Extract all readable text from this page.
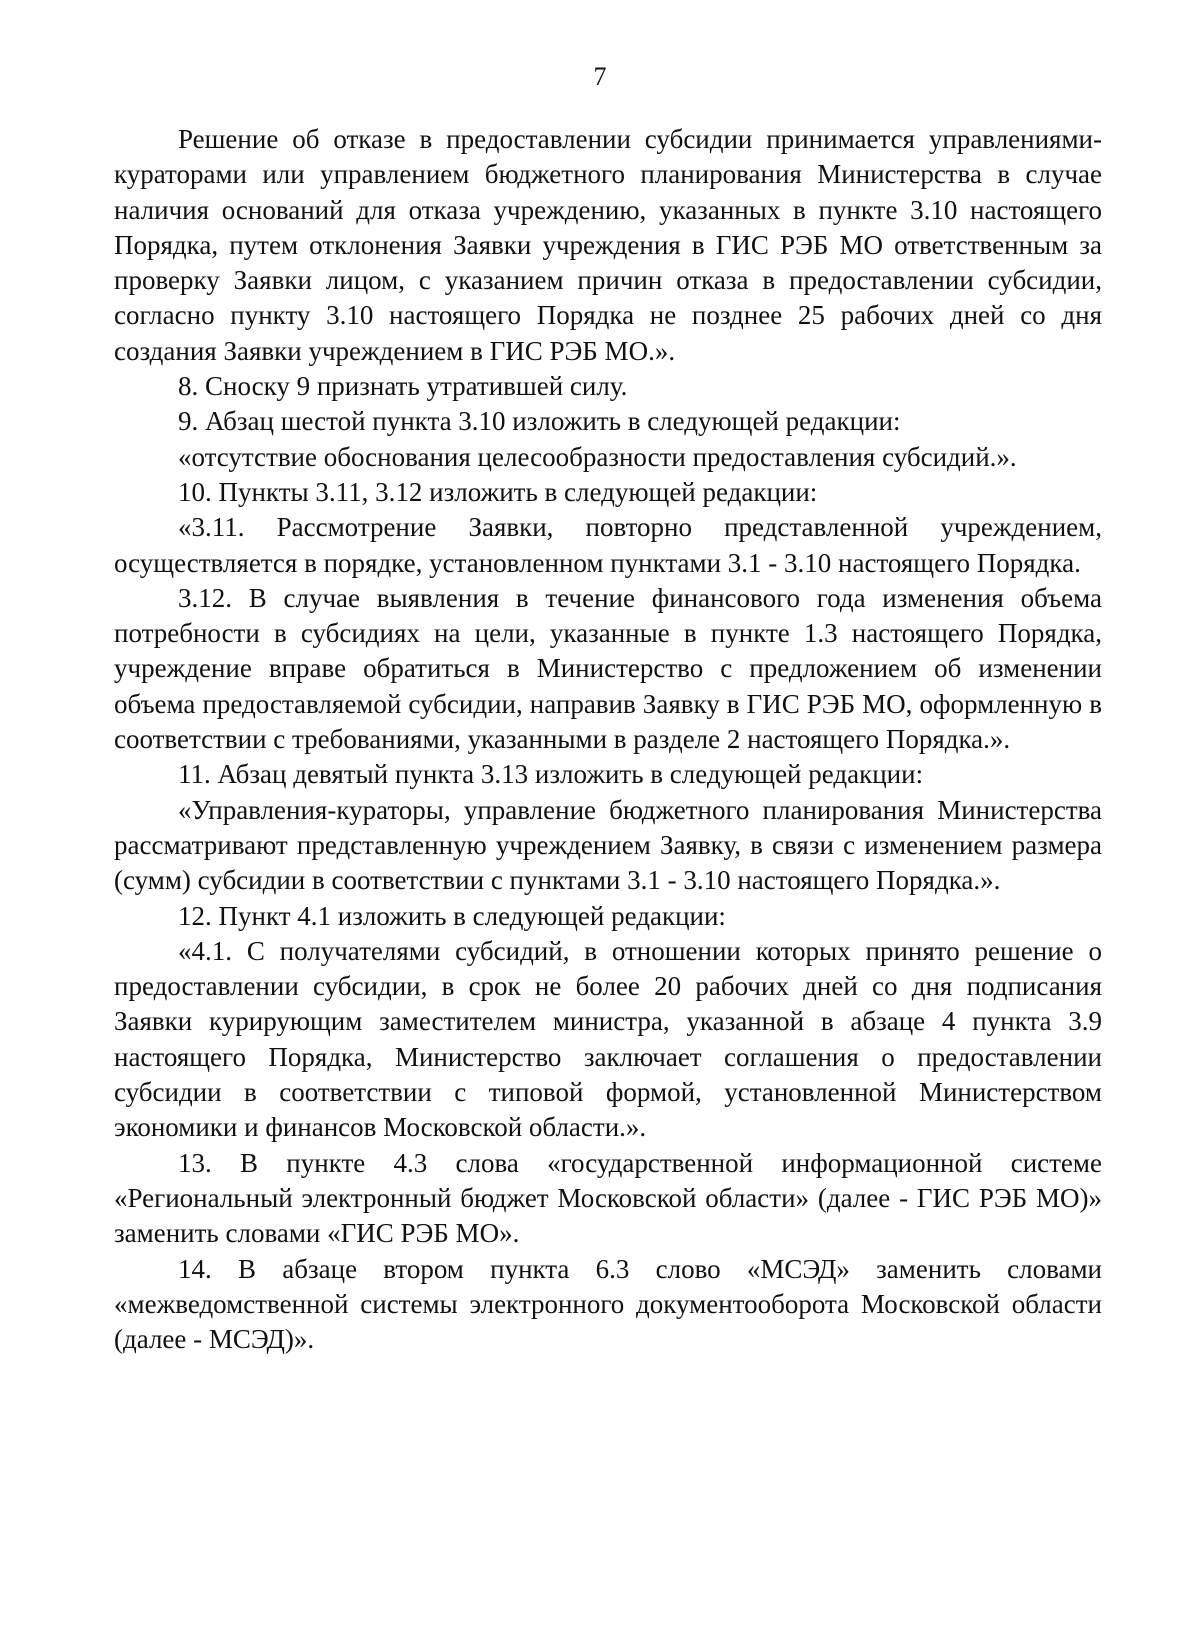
7

Решение об отказе в предоставлении субсидии принимается управлениями-кураторами или управлением бюджетного планирования Министерства в случае наличия оснований для отказа учреждению, указанных в пункте 3.10 настоящего Порядка, путем отклонения Заявки учреждения в ГИС РЭБ МО ответственным за проверку Заявки лицом, с указанием причин отказа в предоставлении субсидии, согласно пункту 3.10 настоящего Порядка не позднее 25 рабочих дней со дня создания Заявки учреждением в ГИС РЭБ МО.».

8. Сноску 9 признать утратившей силу.

9. Абзац шестой пункта 3.10 изложить в следующей редакции:

«отсутствие обоснования целесообразности предоставления субсидий.».

10. Пункты 3.11, 3.12 изложить в следующей редакции:

«3.11. Рассмотрение Заявки, повторно представленной учреждением, осуществляется в порядке, установленном пунктами 3.1 - 3.10 настоящего Порядка.

3.12. В случае выявления в течение финансового года изменения объема потребности в субсидиях на цели, указанные в пункте 1.3 настоящего Порядка, учреждение вправе обратиться в Министерство с предложением об изменении объема предоставляемой субсидии, направив Заявку в ГИС РЭБ МО, оформленную в соответствии с требованиями, указанными в разделе 2 настоящего Порядка.».

11. Абзац девятый пункта 3.13 изложить в следующей редакции:

«Управления-кураторы, управление бюджетного планирования Министерства рассматривают представленную учреждением Заявку, в связи с изменением размера (сумм) субсидии в соответствии с пунктами 3.1 - 3.10 настоящего Порядка.».

12. Пункт 4.1 изложить в следующей редакции:

«4.1. С получателями субсидий, в отношении которых принято решение о предоставлении субсидии, в срок не более 20 рабочих дней со дня подписания Заявки курирующим заместителем министра, указанной в абзаце 4 пункта 3.9 настоящего Порядка, Министерство заключает соглашения о предоставлении субсидии в соответствии с типовой формой, установленной Министерством экономики и финансов Московской области.».

13. В пункте 4.3 слова «государственной информационной системе «Региональный электронный бюджет Московской области» (далее - ГИС РЭБ МО)» заменить словами «ГИС РЭБ МО».

14. В абзаце втором пункта 6.3 слово «МСЭД» заменить словами «межведомственной системы электронного документооборота Московской области (далее - МСЭД)».
